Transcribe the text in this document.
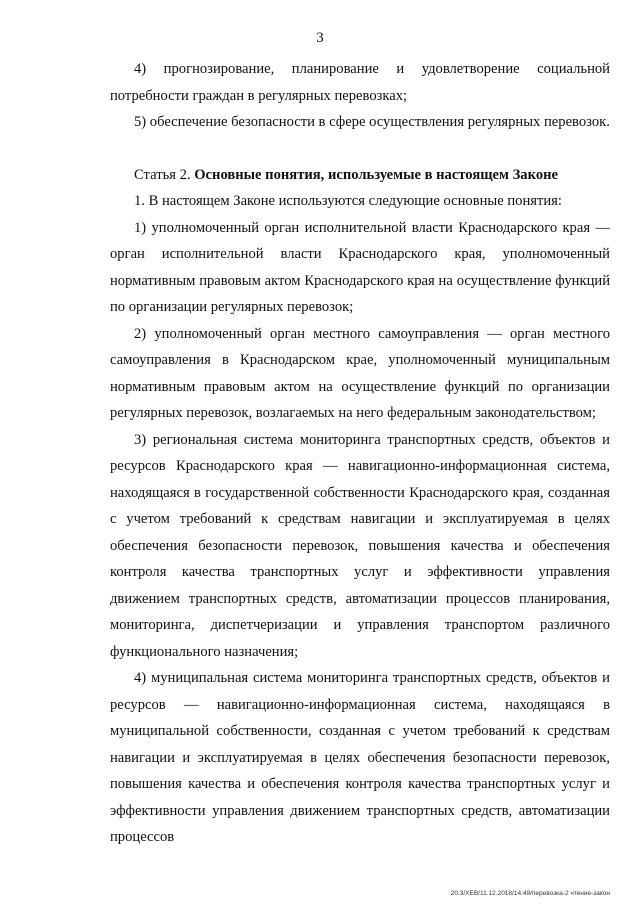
3

4) прогнозирование, планирование и удовлетворение социальной потребности граждан в регулярных перевозках;

5) обеспечение безопасности в сфере осуществления регулярных перевозок.

Статья 2. Основные понятия, используемые в настоящем Законе

1. В настоящем Законе используются следующие основные понятия:

1) уполномоченный орган исполнительной власти Краснодарского края — орган исполнительной власти Краснодарского края, уполномоченный нормативным правовым актом Краснодарского края на осуществление функций по организации регулярных перевозок;

2) уполномоченный орган местного самоуправления — орган местного самоуправления в Краснодарском крае, уполномоченный муниципальным нормативным правовым актом на осуществление функций по организации регулярных перевозок, возлагаемых на него федеральным законодательством;

3) региональная система мониторинга транспортных средств, объектов и ресурсов Краснодарского края — навигационно-информационная система, находящаяся в государственной собственности Краснодарского края, созданная с учетом требований к средствам навигации и эксплуатируемая в целях обеспечения безопасности перевозок, повышения качества и обеспечения контроля качества транспортных услуг и эффективности управления движением транспортных средств, автоматизации процессов планирования, мониторинга, диспетчеризации и управления транспортом различного функционального назначения;

4) муниципальная система мониторинга транспортных средств, объектов и ресурсов — навигационно-информационная система, находящаяся в муниципальной собственности, созданная с учетом требований к средствам навигации и эксплуатируемая в целях обеспечения безопасности перевозок, повышения качества и обеспечения контроля качества транспортных услуг и эффективности управления движением транспортных средств, автоматизации процессов

20.3/XEB/11.12.2018/14:49/перевозка-2 чтение-закон
